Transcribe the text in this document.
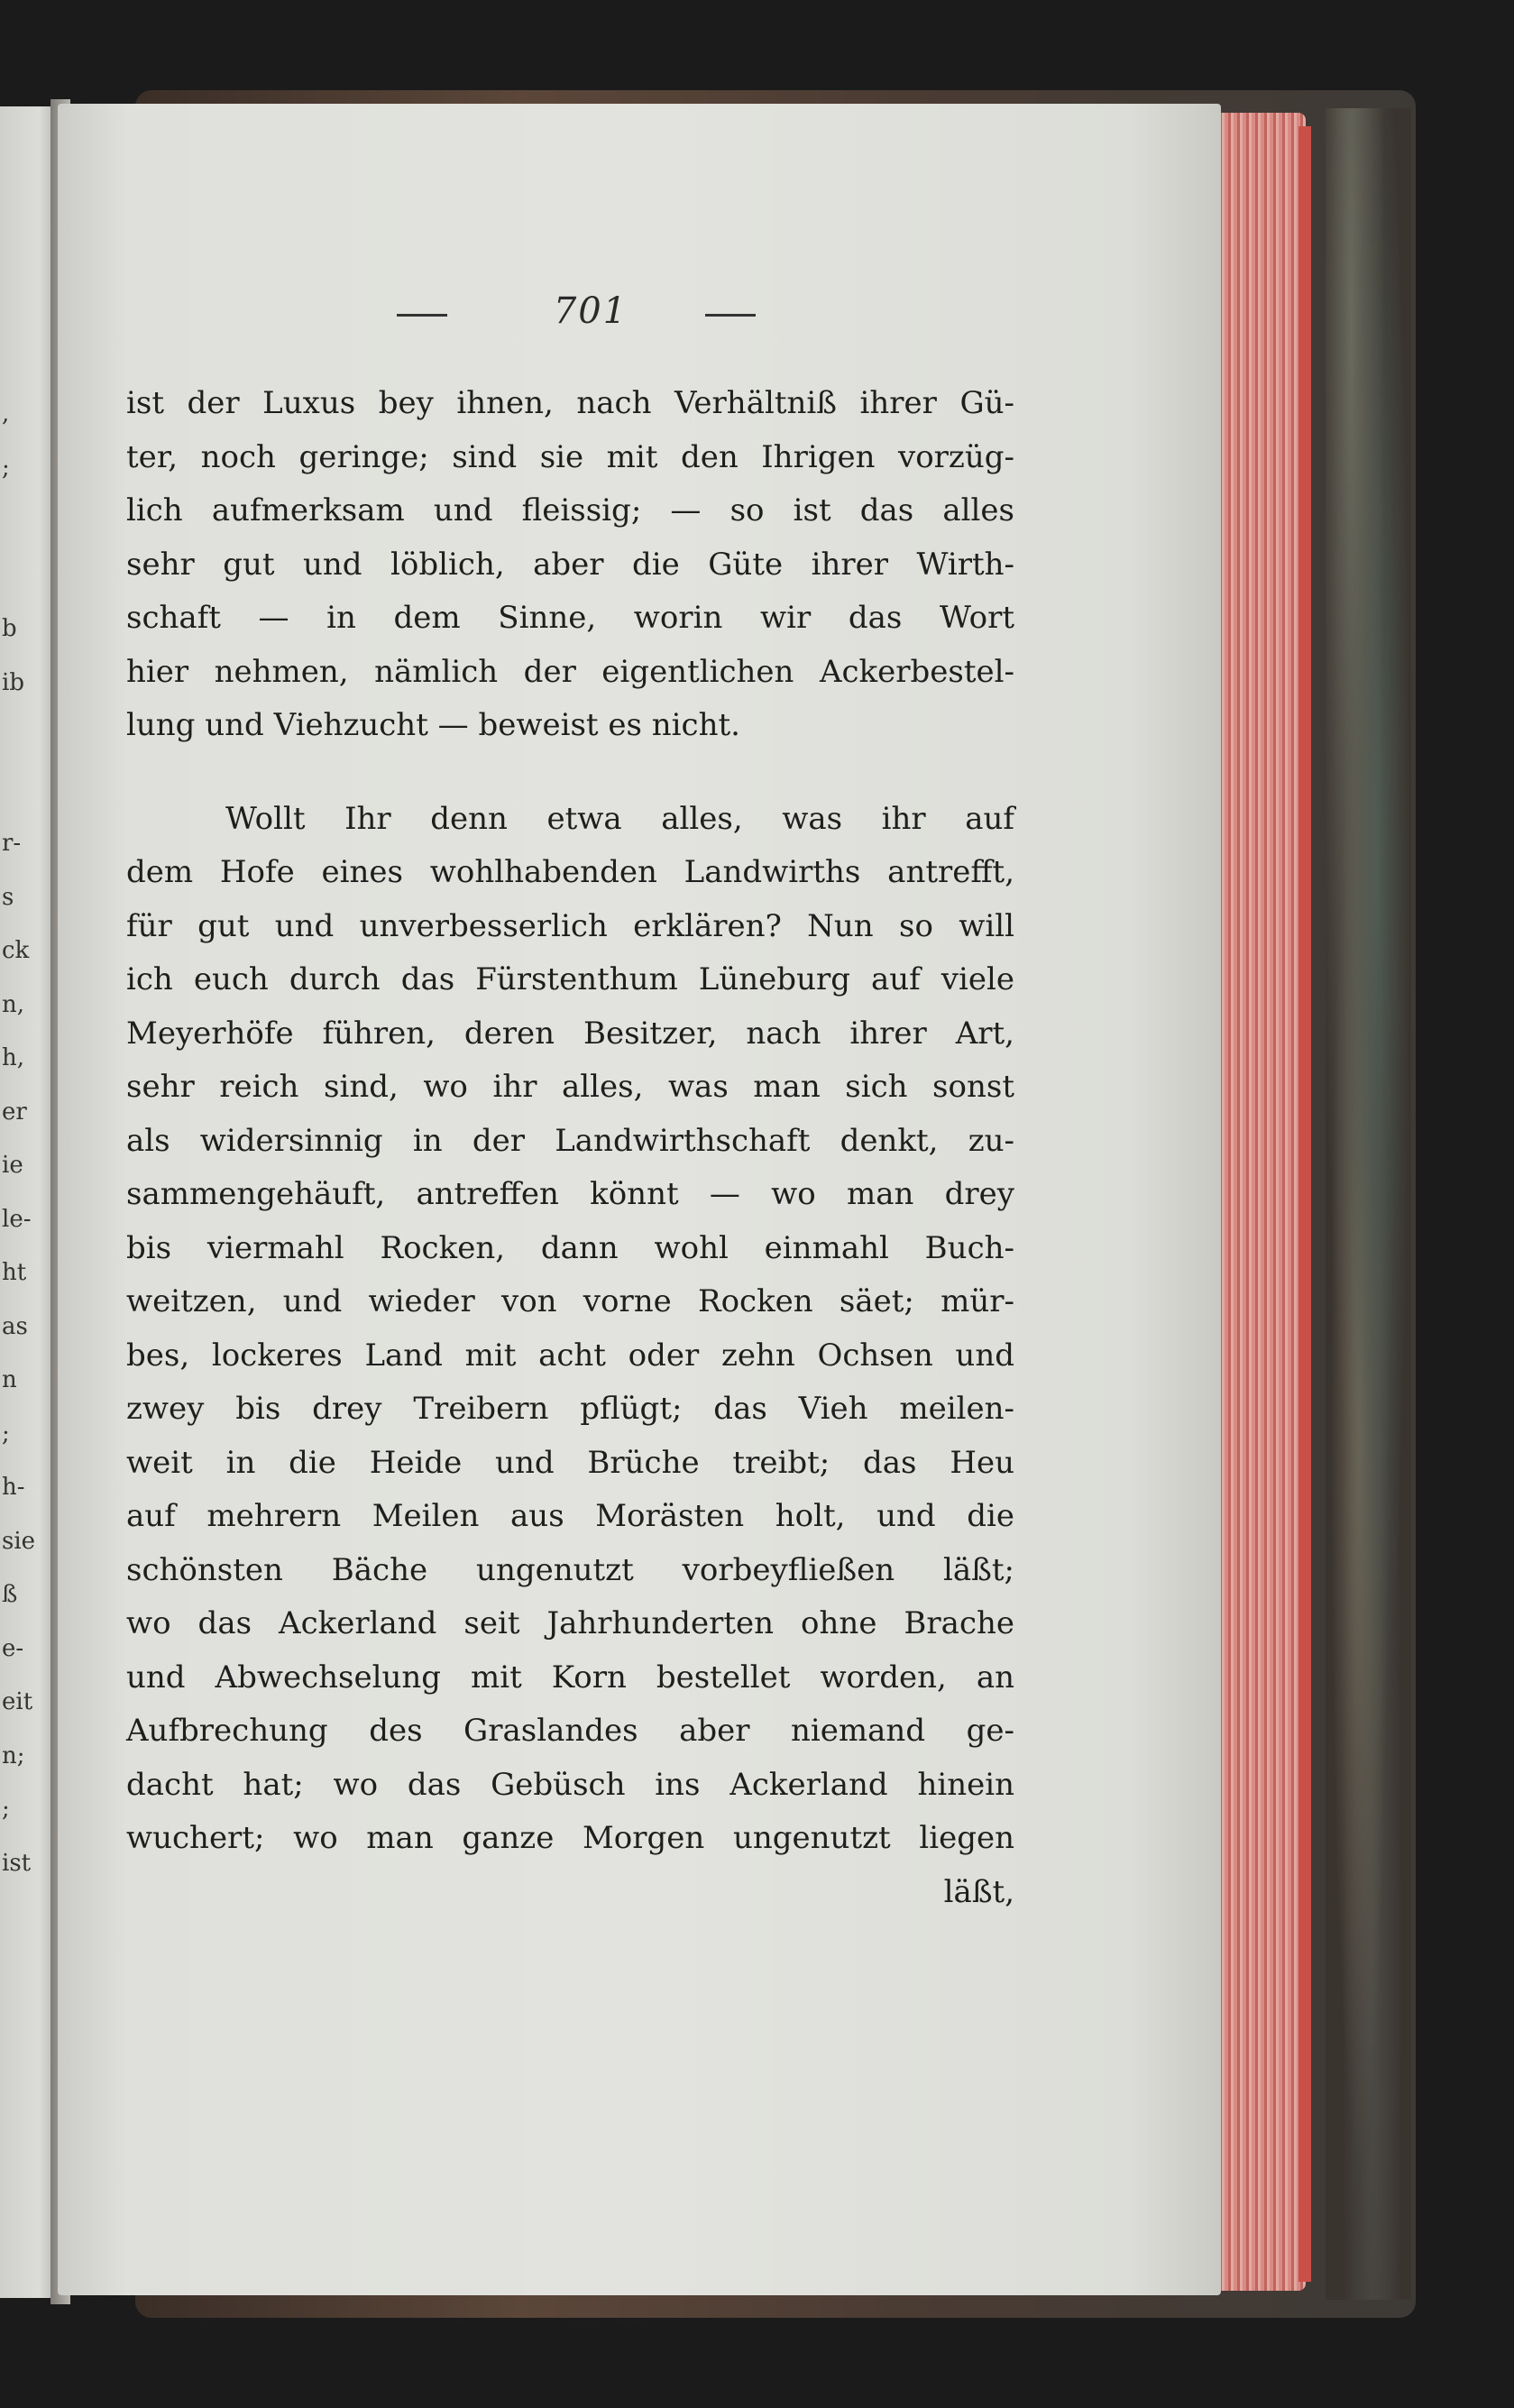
,
;
b
ib
r-
s
ck
n,
h,
er
ie
le-
ht
as
n
;
h-
sie
ß
e-
eit
n;
;
ist
701

ist der Luxus bey ihnen, nach Verhältniß ihrer Gü-
ter, noch geringe; sind sie mit den Ihrigen vorzüg-
lich aufmerksam und fleissig; — so ist das alles
sehr gut und löblich, aber die Güte ihrer Wirth-
schaft — in dem Sinne, worin wir das Wort
hier nehmen, nämlich der eigentlichen Ackerbestel-
lung und Viehzucht — beweist es nicht.

Wollt Ihr denn etwa alles, was ihr auf
dem Hofe eines wohlhabenden Landwirths antrefft,
für gut und unverbesserlich erklären? Nun so will
ich euch durch das Fürstenthum Lüneburg auf viele
Meyerhöfe führen, deren Besitzer, nach ihrer Art,
sehr reich sind, wo ihr alles, was man sich sonst
als widersinnig in der Landwirthschaft denkt, zu-
sammengehäuft, antreffen könnt — wo man drey
bis viermahl Rocken, dann wohl einmahl Buch-
weitzen, und wieder von vorne Rocken säet; mür-
bes, lockeres Land mit acht oder zehn Ochsen und
zwey bis drey Treibern pflügt; das Vieh meilen-
weit in die Heide und Brüche treibt; das Heu
auf mehrern Meilen aus Morästen holt, und die
schönsten Bäche ungenutzt vorbeyfließen läßt;
wo das Ackerland seit Jahrhunderten ohne Brache
und Abwechselung mit Korn bestellet worden, an
Aufbrechung des Graslandes aber niemand ge-
dacht hat; wo das Gebüsch ins Ackerland hinein
wuchert; wo man ganze Morgen ungenutzt liegen

läßt,
